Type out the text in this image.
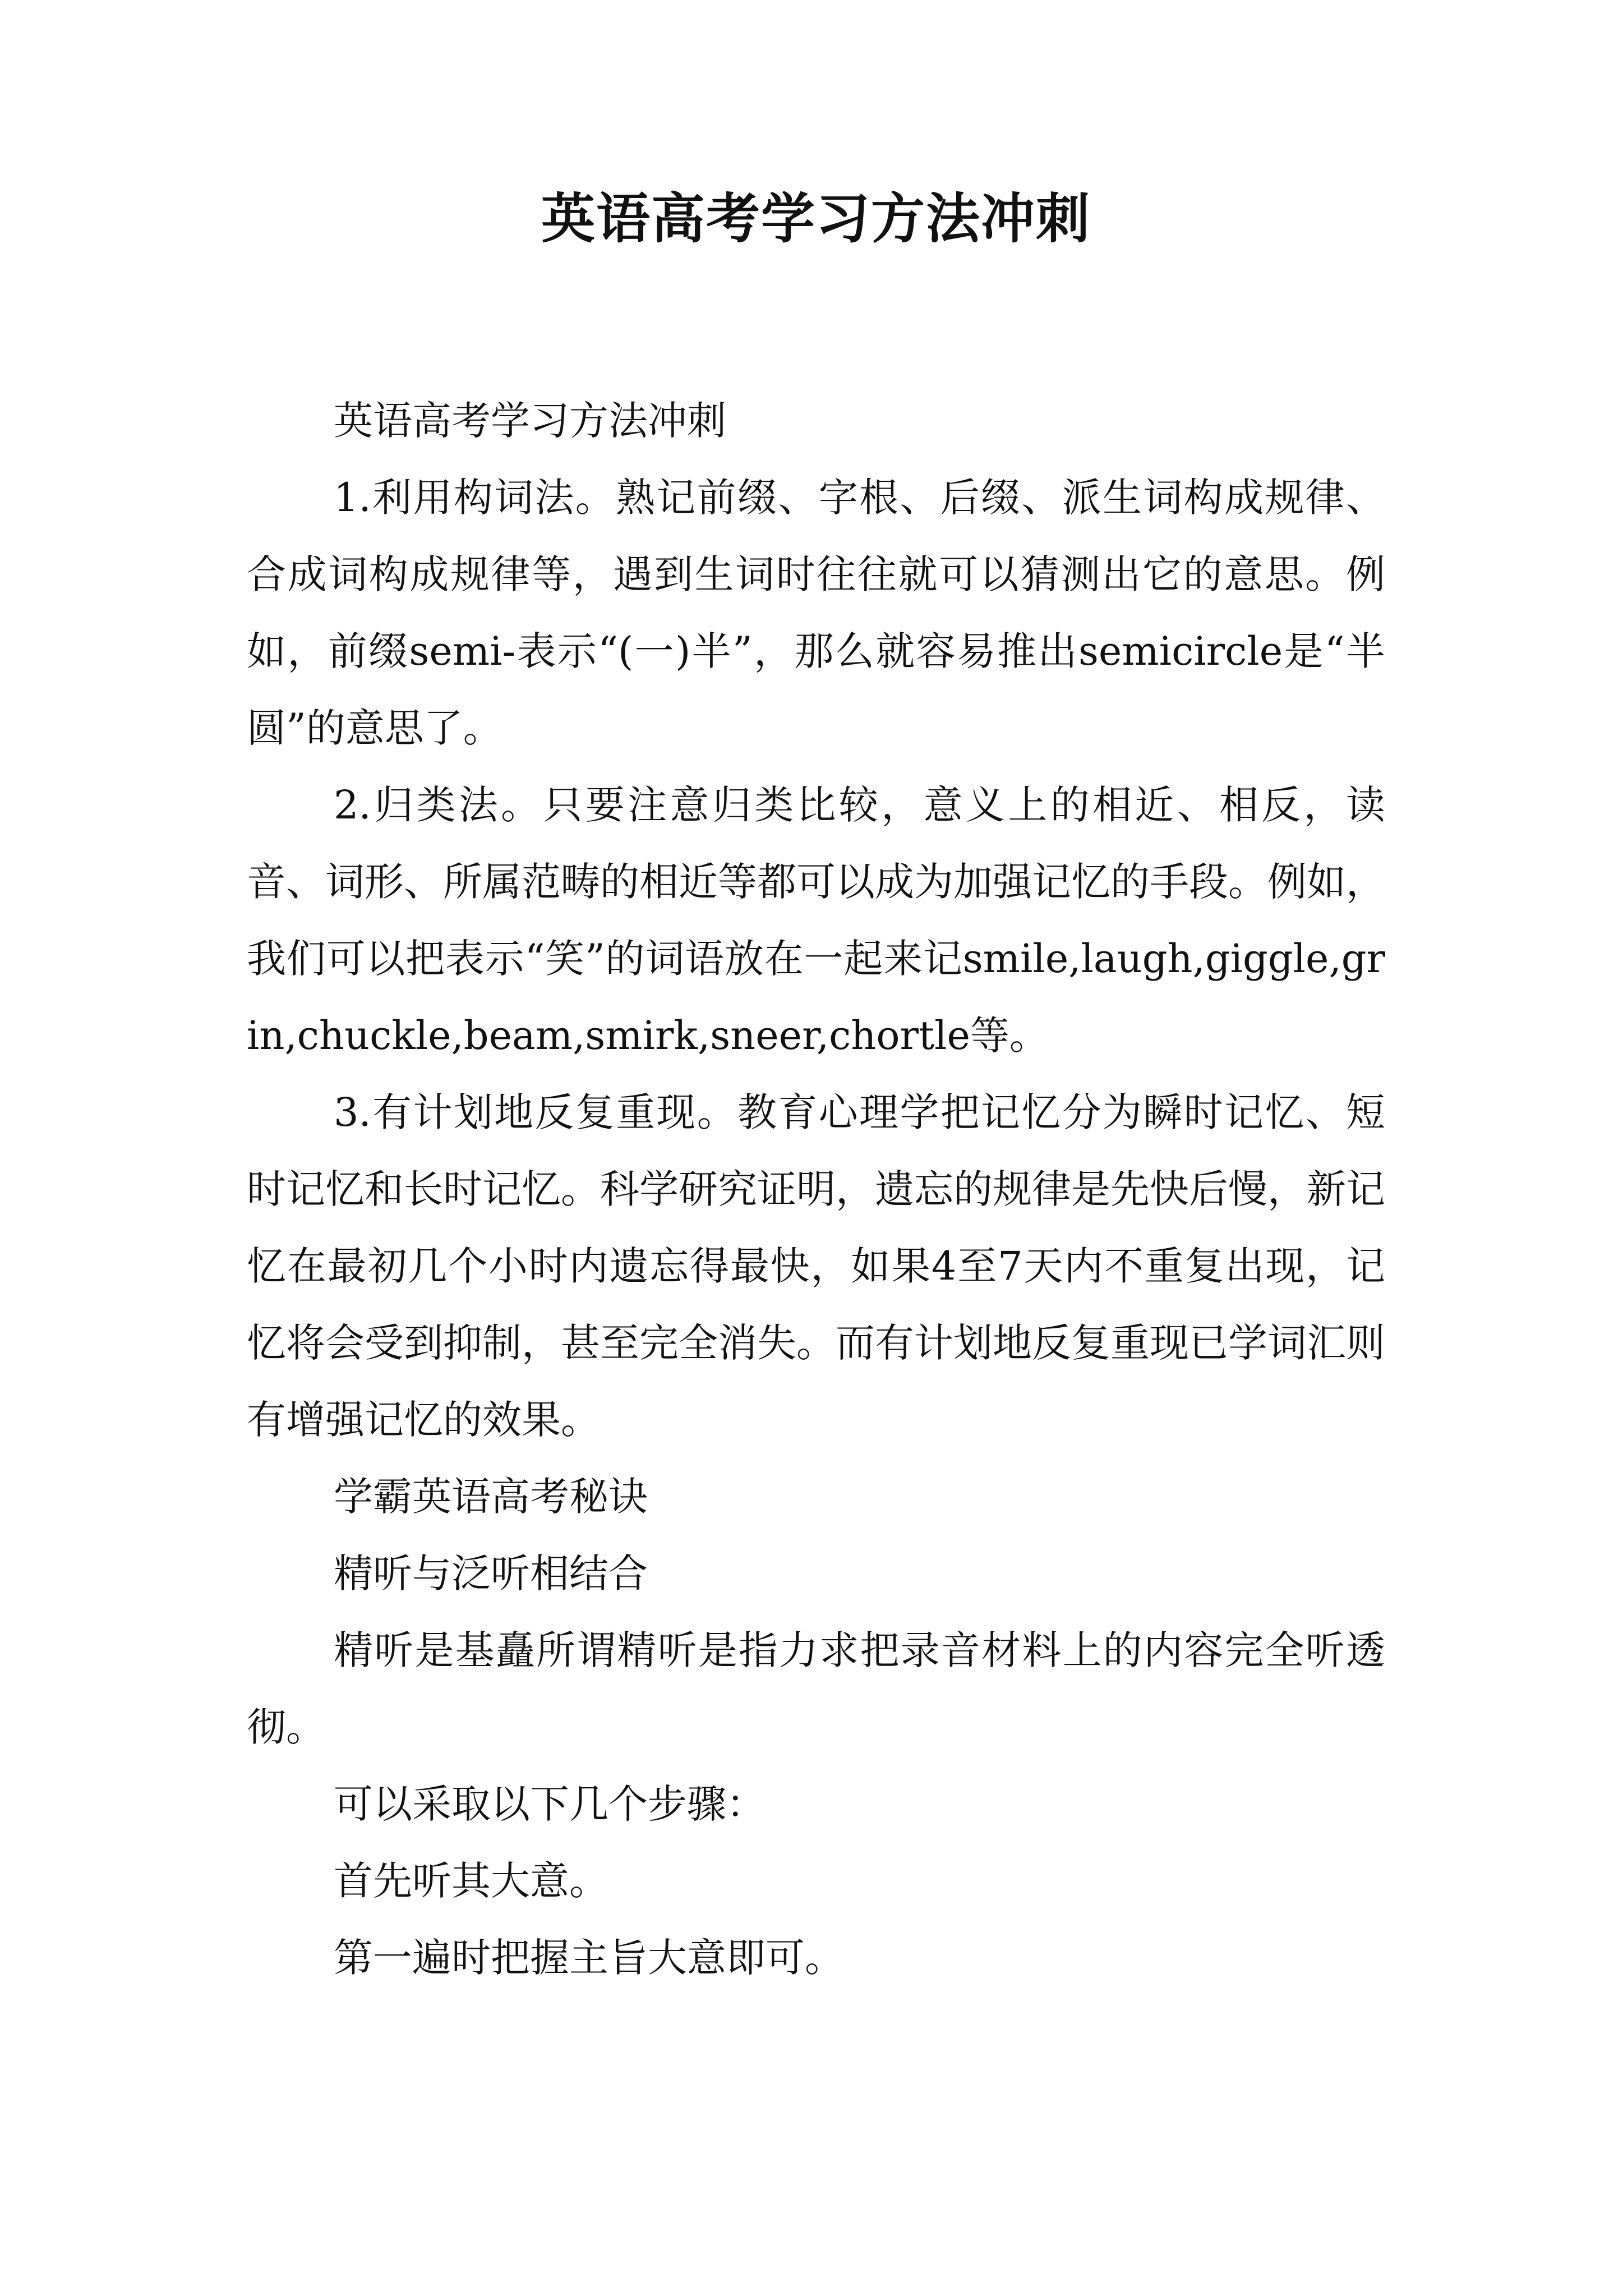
英语高考学习方法冲刺

英语高考学习方法冲刺

1.利用构词法。熟记前缀、字根、后缀、派生词构成规律、合成词构成规律等，遇到生词时往往就可以猜测出它的意思。例如，前缀semi-表示“(一)半”，那么就容易推出semicircle是“半圆”的意思了。

2.归类法。只要注意归类比较，意义上的相近、相反，读音、词形、所属范畴的相近等都可以成为加强记忆的手段。例如，我们可以把表示“笑”的词语放在一起来记smile,laugh,giggle,grin,chuckle,beam,smirk,sneer,chortle等。

3.有计划地反复重现。教育心理学把记忆分为瞬时记忆、短时记忆和长时记忆。科学研究证明，遗忘的规律是先快后慢，新记忆在最初几个小时内遗忘得最快，如果4至7天内不重复出现，记忆将会受到抑制，甚至完全消失。而有计划地反复重现已学词汇则有增强记忆的效果。

学霸英语高考秘诀

精听与泛听相结合

精听是基矗所谓精听是指力求把录音材料上的内容完全听透彻。

可以采取以下几个步骤：

首先听其大意。

第一遍时把握主旨大意即可。
